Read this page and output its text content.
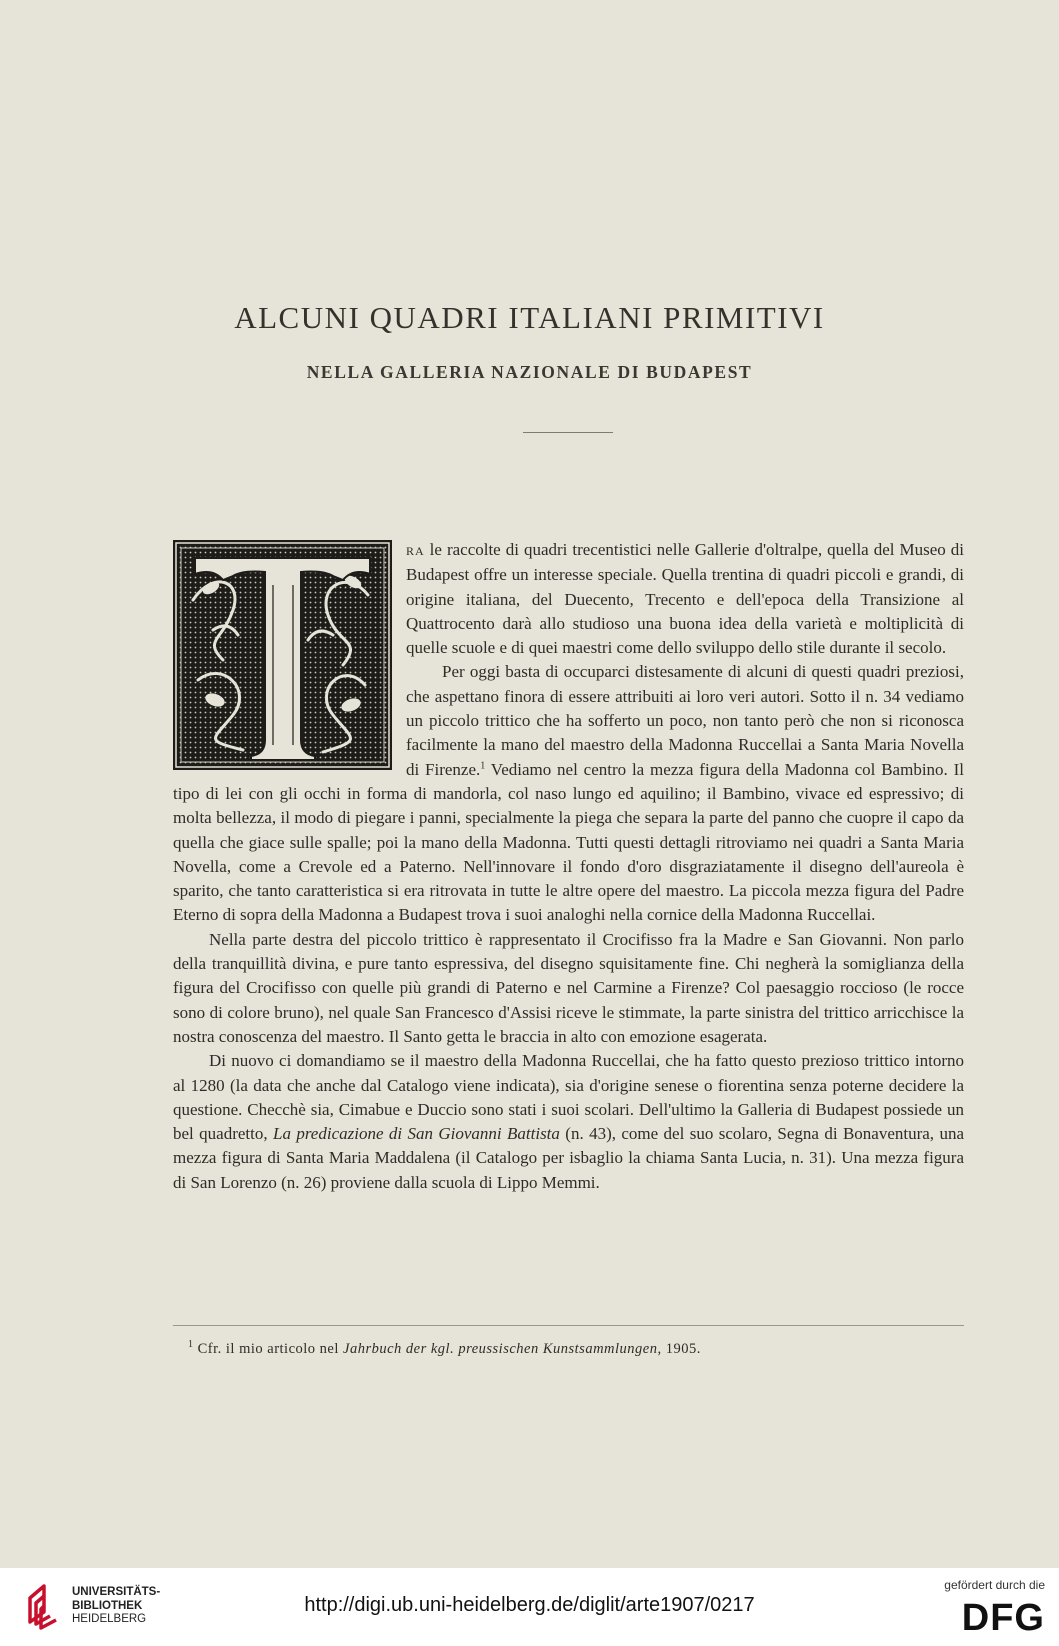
ALCUNI QUADRI ITALIANI PRIMITIVI
NELLA GALLERIA NAZIONALE DI BUDAPEST

RA le raccolte di quadri trecentistici nelle Gallerie d'oltralpe, quella del Museo di Budapest offre un interesse speciale. Quella trentina di quadri piccoli e grandi, di origine italiana, del Duecento, Trecento e dell'epoca della Transizione al Quattrocento darà allo studioso una buona idea della varietà e moltiplicità di quelle scuole e di quei maestri come dello sviluppo dello stile durante il secolo.

Per oggi basta di occuparci distesamente di alcuni di questi quadri preziosi, che aspettano finora di essere attribuiti ai loro veri autori. Sotto il n. 34 vediamo un piccolo trittico che ha sofferto un poco, non tanto però che non si riconosca facilmente la mano del maestro della Madonna Ruccellai a Santa Maria Novella di Firenze.$^1$ Vediamo nel centro la mezza figura della Madonna col Bambino. Il tipo di lei con gli occhi in forma di mandorla, col naso lungo ed aquilino; il Bambino, vivace ed espressivo; di molta bellezza, il modo di piegare i panni, specialmente la piega che separa la parte del panno che cuopre il capo da quella che giace sulle spalle; poi la mano della Madonna. Tutti questi dettagli ritroviamo nei quadri a Santa Maria Novella, come a Crevole ed a Paterno. Nell'innovare il fondo d'oro disgraziatamente il disegno dell'aureola è sparito, che tanto caratteristica si era ritrovata in tutte le altre opere del maestro. La piccola mezza figura del Padre Eterno di sopra della Madonna a Budapest trova i suoi analoghi nella cornice della Madonna Ruccellai.

Nella parte destra del piccolo trittico è rappresentato il Crocifisso fra la Madre e San Giovanni. Non parlo della tranquillità divina, e pure tanto espressiva, del disegno squisitamente fine. Chi negherà la somiglianza della figura del Crocifisso con quelle più grandi di Paterno e nel Carmine a Firenze? Col paesaggio roccioso (le rocce sono di colore bruno), nel quale San Francesco d'Assisi riceve le stimmate, la parte sinistra del trittico arricchisce la nostra conoscenza del maestro. Il Santo getta le braccia in alto con emozione esagerata.

Di nuovo ci domandiamo se il maestro della Madonna Ruccellai, che ha fatto questo prezioso trittico intorno al 1280 (la data che anche dal Catalogo viene indicata), sia d'origine senese o fiorentina senza poterne decidere la questione. Checchè sia, Cimabue e Duccio sono stati i suoi scolari. Dell'ultimo la Galleria di Budapest possiede un bel quadretto, La predicazione di San Giovanni Battista (n. 43), come del suo scolaro, Segna di Bonaventura, una mezza figura di Santa Maria Maddalena (il Catalogo per isbaglio la chiama Santa Lucia, n. 31). Una mezza figura di San Lorenzo (n. 26) proviene dalla scuola di Lippo Memmi.

$^1$ Cfr. il mio articolo nel Jahrbuch der kgl. preussischen Kunstsammlungen, 1905.

UNIVERSITÄTS-
BIBLIOTHEK
HEIDELBERG
http://digi.ub.uni-heidelberg.de/diglit/arte1907/0217
gefördert durch die
DFG
